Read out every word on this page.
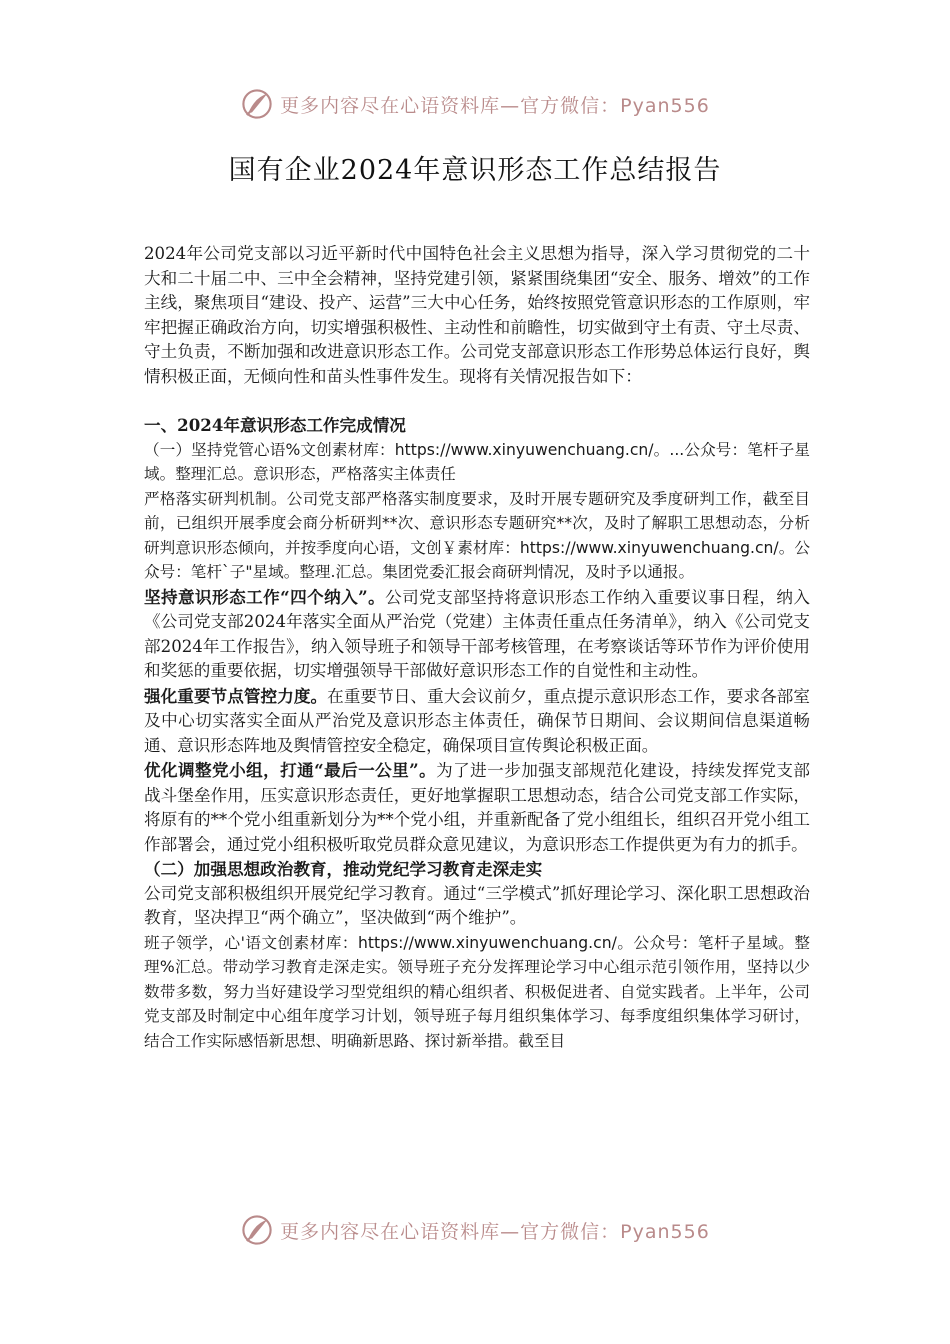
更多内容尽在心语资料库—官方微信：Pyan556
国有企业2024年意识形态工作总结报告

2024年公司党支部以习近平新时代中国特色社会主义思想为指导，深入学习贯彻党的二十大和二十届二中、三中全会精神，坚持党建引领，紧紧围绕集团“安全、服务、增效”的工作主线，聚焦项目“建设、投产、运营”三大中心任务，始终按照党管意识形态的工作原则，牢牢把握正确政治方向，切实增强积极性、主动性和前瞻性，切实做到守土有责、守土尽责、守土负责，不断加强和改进意识形态工作。公司党支部意识形态工作形势总体运行良好，舆情积极正面，无倾向性和苗头性事件发生。现将有关情况报告如下：

一、2024年意识形态工作完成情况

（一）坚持党管心语%文创素材库：https://www.xinyuwenchuang.cn/。...公众号：笔杆子星域。整理汇总。意识形态，严格落实主体责任

严格落实研判机制。公司党支部严格落实制度要求，及时开展专题研究及季度研判工作，截至目前，已组织开展季度会商分析研判**次、意识形态专题研究**次，及时了解职工思想动态，分析研判意识形态倾向，并按季度向心语，文创￥素材库：https://www.xinyuwenchuang.cn/。公众号：笔杆`子"星域。整理.汇总。集团党委汇报会商研判情况，及时予以通报。

坚持意识形态工作“四个纳入”。公司党支部坚持将意识形态工作纳入重要议事日程，纳入《公司党支部2024年落实全面从严治党（党建）主体责任重点任务清单》，纳入《公司党支部2024年工作报告》，纳入领导班子和领导干部考核管理，在考察谈话等环节作为评价使用和奖惩的重要依据，切实增强领导干部做好意识形态工作的自觉性和主动性。

强化重要节点管控力度。在重要节日、重大会议前夕，重点提示意识形态工作，要求各部室及中心切实落实全面从严治党及意识形态主体责任，确保节日期间、会议期间信息渠道畅通、意识形态阵地及舆情管控安全稳定，确保项目宣传舆论积极正面。

优化调整党小组，打通“最后一公里”。为了进一步加强支部规范化建设，持续发挥党支部战斗堡垒作用，压实意识形态责任，更好地掌握职工思想动态，结合公司党支部工作实际，将原有的**个党小组重新划分为**个党小组，并重新配备了党小组组长，组织召开党小组工作部署会，通过党小组积极听取党员群众意见建议，为意识形态工作提供更为有力的抓手。

（二）加强思想政治教育，推动党纪学习教育走深走实

公司党支部积极组织开展党纪学习教育。通过“三学模式”抓好理论学习、深化职工思想政治教育，坚决捍卫“两个确立”，坚决做到“两个维护”。

班子领学，心'语文创素材库：https://www.xinyuwenchuang.cn/。公众号：笔杆子星域。整理%汇总。带动学习教育走深走实。领导班子充分发挥理论学习中心组示范引领作用，坚持以少数带多数，努力当好建设学习型党组织的精心组织者、积极促进者、自觉实践者。上半年，公司党支部及时制定中心组年度学习计划，领导班子每月组织集体学习、每季度组织集体学习研讨，结合工作实际感悟新思想、明确新思路、探讨新举措。截至目

更多内容尽在心语资料库—官方微信：Pyan556
